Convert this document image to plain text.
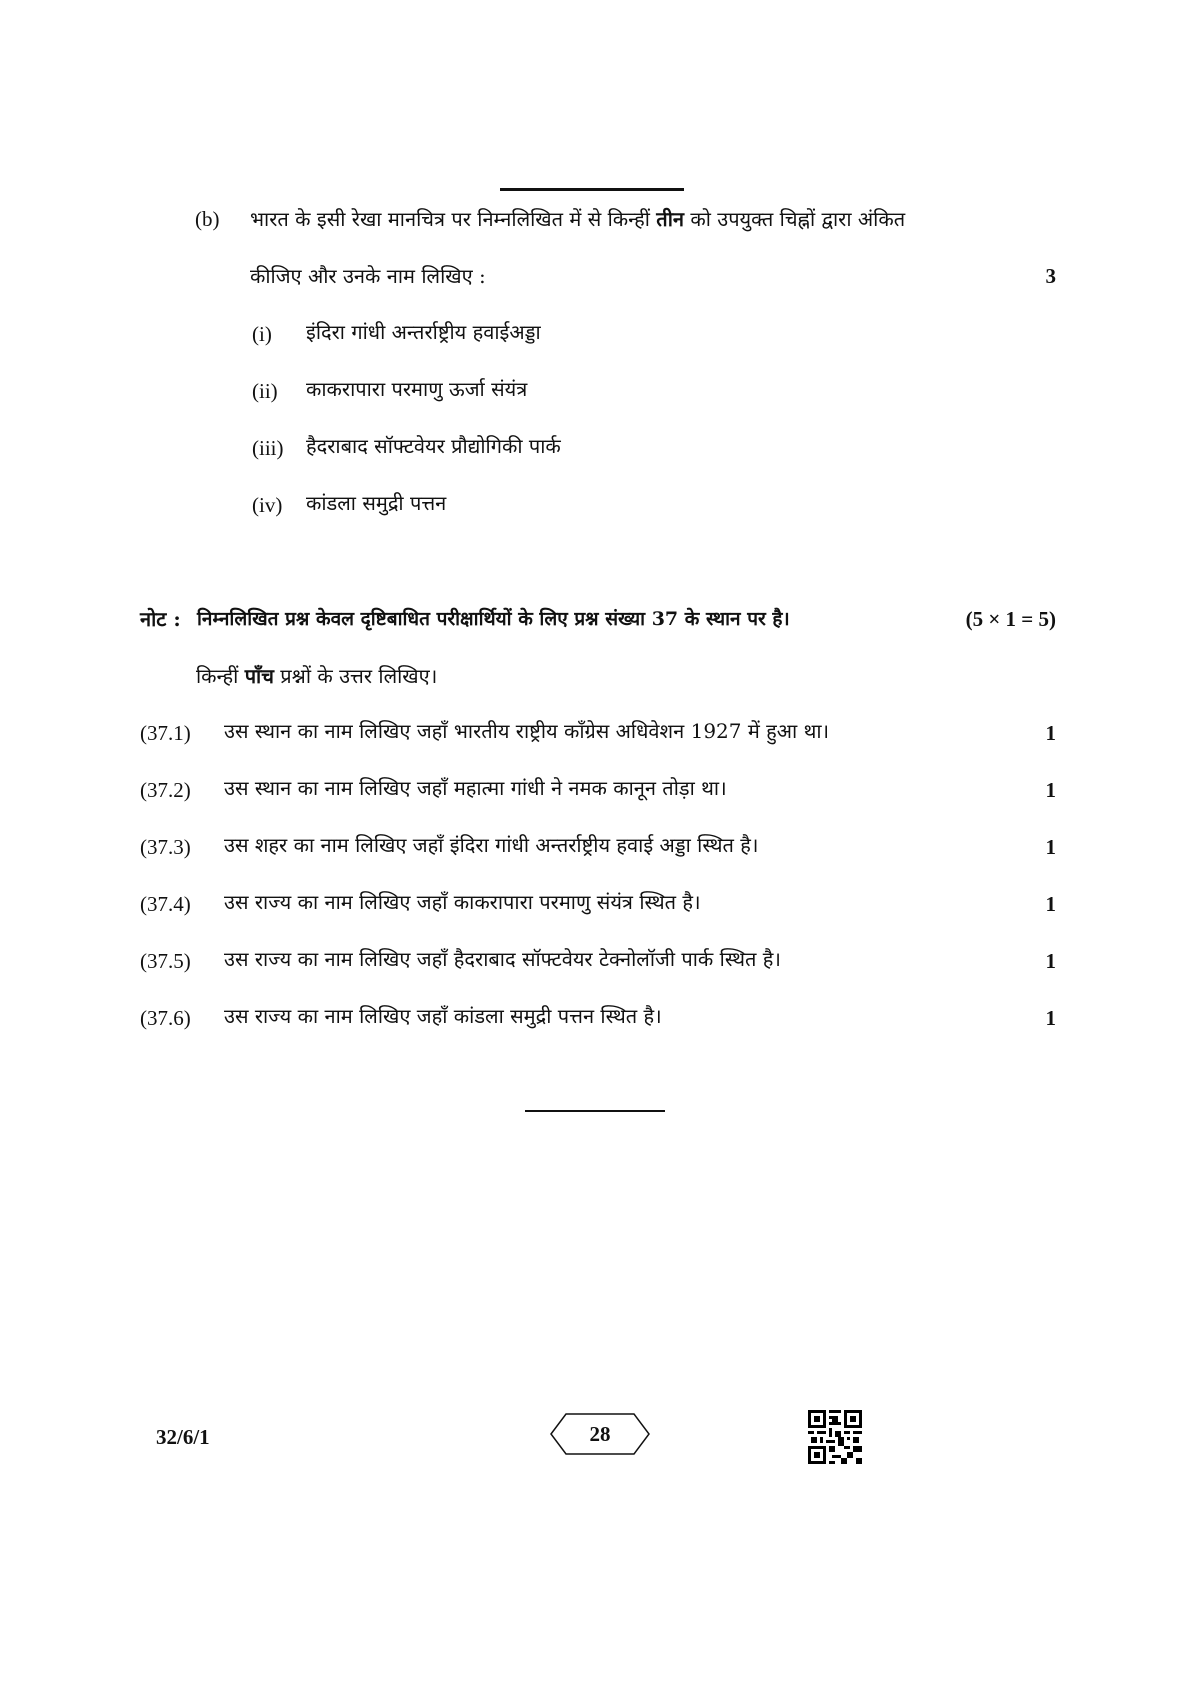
(b) भारत के इसी रेखा मानचित्र पर निम्नलिखित में से किन्हीं तीन को उपयुक्त चिह्नों द्वारा अंकित
कीजिए और उनके नाम लिखिए :	3
(i) इंदिरा गांधी अन्तर्राष्ट्रीय हवाईअड्डा
(ii) काकरापारा परमाणु ऊर्जा संयंत्र
(iii) हैदराबाद सॉफ्टवेयर प्रौद्योगिकी पार्क
(iv) कांडला समुद्री पत्तन
नोट : निम्नलिखित प्रश्न केवल दृष्टिबाधित परीक्षार्थियों के लिए प्रश्न संख्या 37 के स्थान पर है।	(5 × 1 = 5)
किन्हीं पाँच प्रश्नों के उत्तर लिखिए।
(37.1) उस स्थान का नाम लिखिए जहाँ भारतीय राष्ट्रीय कॉंग्रेस अधिवेशन 1927 में हुआ था।	1
(37.2) उस स्थान का नाम लिखिए जहाँ महात्मा गांधी ने नमक कानून तोड़ा था।	1
(37.3) उस शहर का नाम लिखिए जहाँ इंदिरा गांधी अन्तर्राष्ट्रीय हवाई अड्डा स्थित है।	1
(37.4) उस राज्य का नाम लिखिए जहाँ काकरापारा परमाणु संयंत्र स्थित है।	1
(37.5) उस राज्य का नाम लिखिए जहाँ हैदराबाद सॉफ्टवेयर टेक्नोलॉजी पार्क स्थित है।	1
(37.6) उस राज्य का नाम लिखिए जहाँ कांडला समुद्री पत्तन स्थित है।	1
32/6/1	28
